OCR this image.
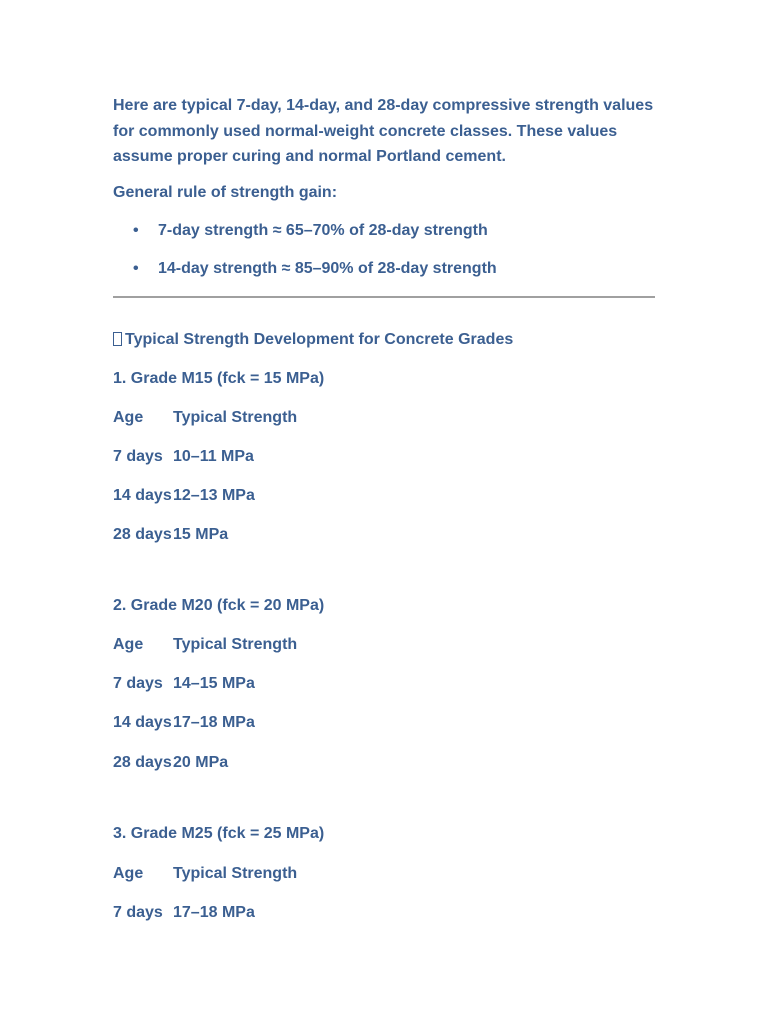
Here are typical 7-day, 14-day, and 28-day compressive strength values for commonly used normal-weight concrete classes. These values assume proper curing and normal Portland cement.

General rule of strength gain:

• 7-day strength ≈ 65–70% of 28-day strength
• 14-day strength ≈ 85–90% of 28-day strength

Typical Strength Development for Concrete Grades

1. Grade M15 (fck = 15 MPa)

Age Typical Strength
7 days 10–11 MPa
14 days 12–13 MPa
28 days 15 MPa

2. Grade M20 (fck = 20 MPa)

Age Typical Strength
7 days 14–15 MPa
14 days 17–18 MPa
28 days 20 MPa

3. Grade M25 (fck = 25 MPa)

Age Typical Strength
7 days 17–18 MPa
